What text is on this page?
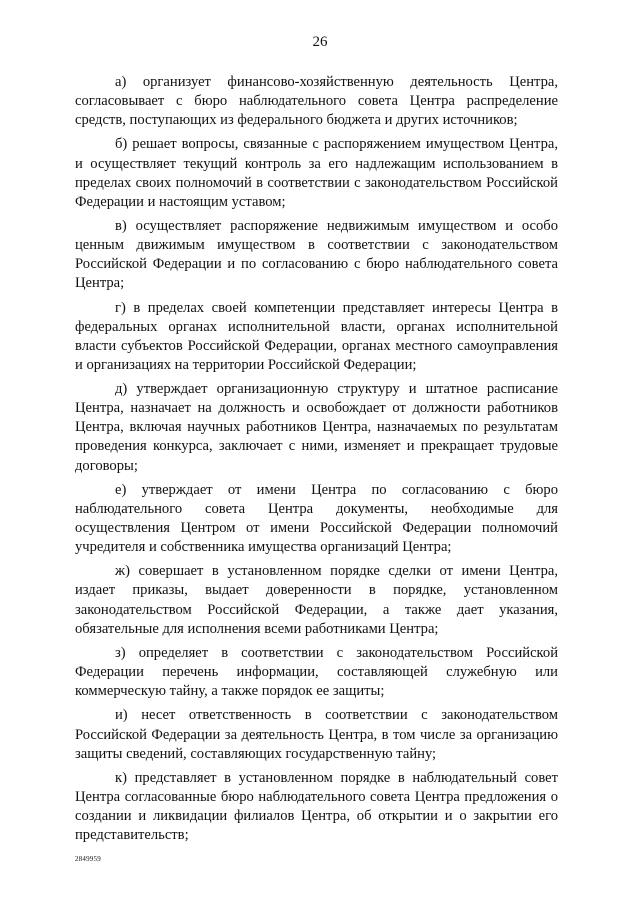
26

а) организует финансово-хозяйственную деятельность Центра, согласовывает с бюро наблюдательного совета Центра распределение средств, поступающих из федерального бюджета и других источников;

б) решает вопросы, связанные с распоряжением имуществом Центра, и осуществляет текущий контроль за его надлежащим использованием в пределах своих полномочий в соответствии с законодательством Российской Федерации и настоящим уставом;

в) осуществляет распоряжение недвижимым имуществом и особо ценным движимым имуществом в соответствии с законодательством Российской Федерации и по согласованию с бюро наблюдательного совета Центра;

г) в пределах своей компетенции представляет интересы Центра в федеральных органах исполнительной власти, органах исполнительной власти субъектов Российской Федерации, органах местного самоуправления и организациях на территории Российской Федерации;

д) утверждает организационную структуру и штатное расписание Центра, назначает на должность и освобождает от должности работников Центра, включая научных работников Центра, назначаемых по результатам проведения конкурса, заключает с ними, изменяет и прекращает трудовые договоры;

е) утверждает от имени Центра по согласованию с бюро наблюдательного совета Центра документы, необходимые для осуществления Центром от имени Российской Федерации полномочий учредителя и собственника имущества организаций Центра;

ж) совершает в установленном порядке сделки от имени Центра, издает приказы, выдает доверенности в порядке, установленном законодательством Российской Федерации, а также дает указания, обязательные для исполнения всеми работниками Центра;

з) определяет в соответствии с законодательством Российской Федерации перечень информации, составляющей служебную или коммерческую тайну, а также порядок ее защиты;

и) несет ответственность в соответствии с законодательством Российской Федерации за деятельность Центра, в том числе за организацию защиты сведений, составляющих государственную тайну;

к) представляет в установленном порядке в наблюдательный совет Центра согласованные бюро наблюдательного совета Центра предложения о создании и ликвидации филиалов Центра, об открытии и о закрытии его представительств;

2849959
